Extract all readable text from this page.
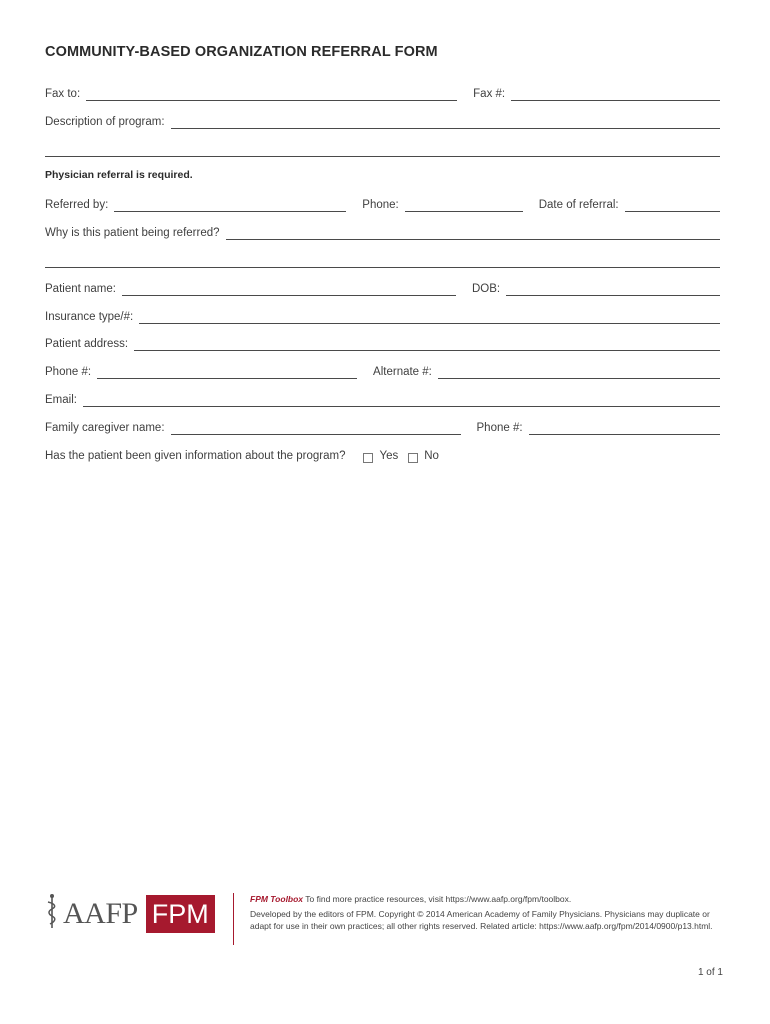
COMMUNITY-BASED ORGANIZATION REFERRAL FORM
Fax to:	Fax #:
Description of program:
Physician referral is required.
Referred by:	Phone:	Date of referral:
Why is this patient being referred?
Patient name:	DOB:
Insurance type/#:
Patient address:
Phone #:	Alternate #:
Email:
Family caregiver name:	Phone #:
Has the patient been given information about the program?	Yes No
AAFP FPM	FPM Toolbox To find more practice resources, visit https://www.aafp.org/fpm/toolbox.

Developed by the editors of FPM. Copyright © 2014 American Academy of Family Physicians. Physicians may duplicate or adapt for use in their own practices; all other rights reserved. Related article: https://www.aafp.org/fpm/2014/0900/p13.html.

1 of 1
